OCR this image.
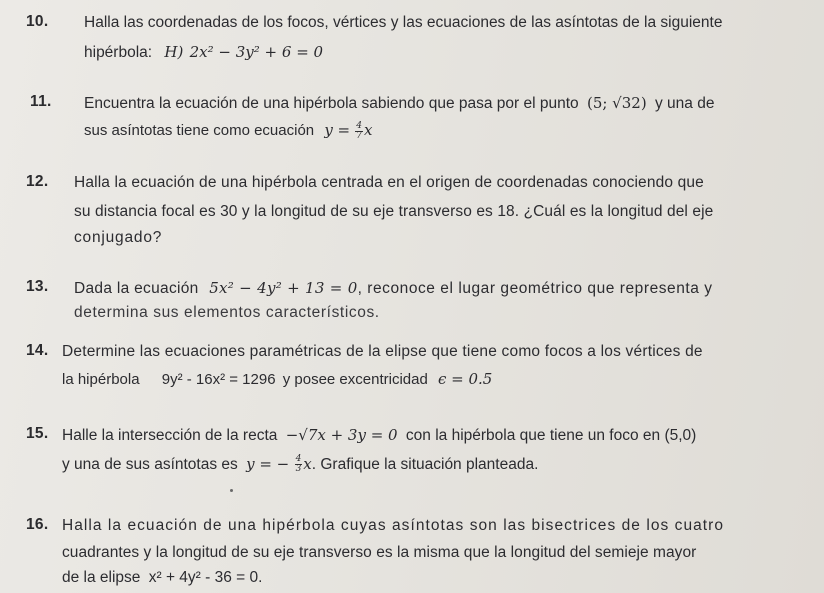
10. Halla las coordenadas de los focos, vértices y las ecuaciones de las asíntotas de la siguiente
hipérbola: H) 2x² − 3y² + 6 = 0
11. Encuentra la ecuación de una hipérbola sabiendo que pasa por el punto (5; √32) y una de
sus asíntotas tiene como ecuación $y = \frac{4}{7}$ x
12. Halla la ecuación de una hipérbola centrada en el origen de coordenadas conociendo que
su distancia focal es 30 y la longitud de su eje transverso es 18. ¿Cuál es la longitud del eje
conjugado?
13. Dada la ecuación 5x² − 4y² + 13 = 0, reconoce el lugar geométrico que representa y
determina sus elementos característicos.
14. Determine las ecuaciones paramétricas de la elipse que tiene como focos a los vértices de
la hipérbola 9y² - 16x² = 1296 y posee excentricidad ϵ = 0.5
15. Halle la intersección de la recta −√7x + 3y = 0 con la hipérbola que tiene un foco en (5,0)
y una de sus asíntotas es y = − $\frac{4}{3} x$. Grafique la situación planteada.
16. Halla la ecuación de una hipérbola cuyas asíntotas son las bisectrices de los cuatro
cuadrantes y la longitud de su eje transverso es la misma que la longitud del semieje mayor
de la elipse x² + 4y² - 36 = 0.
